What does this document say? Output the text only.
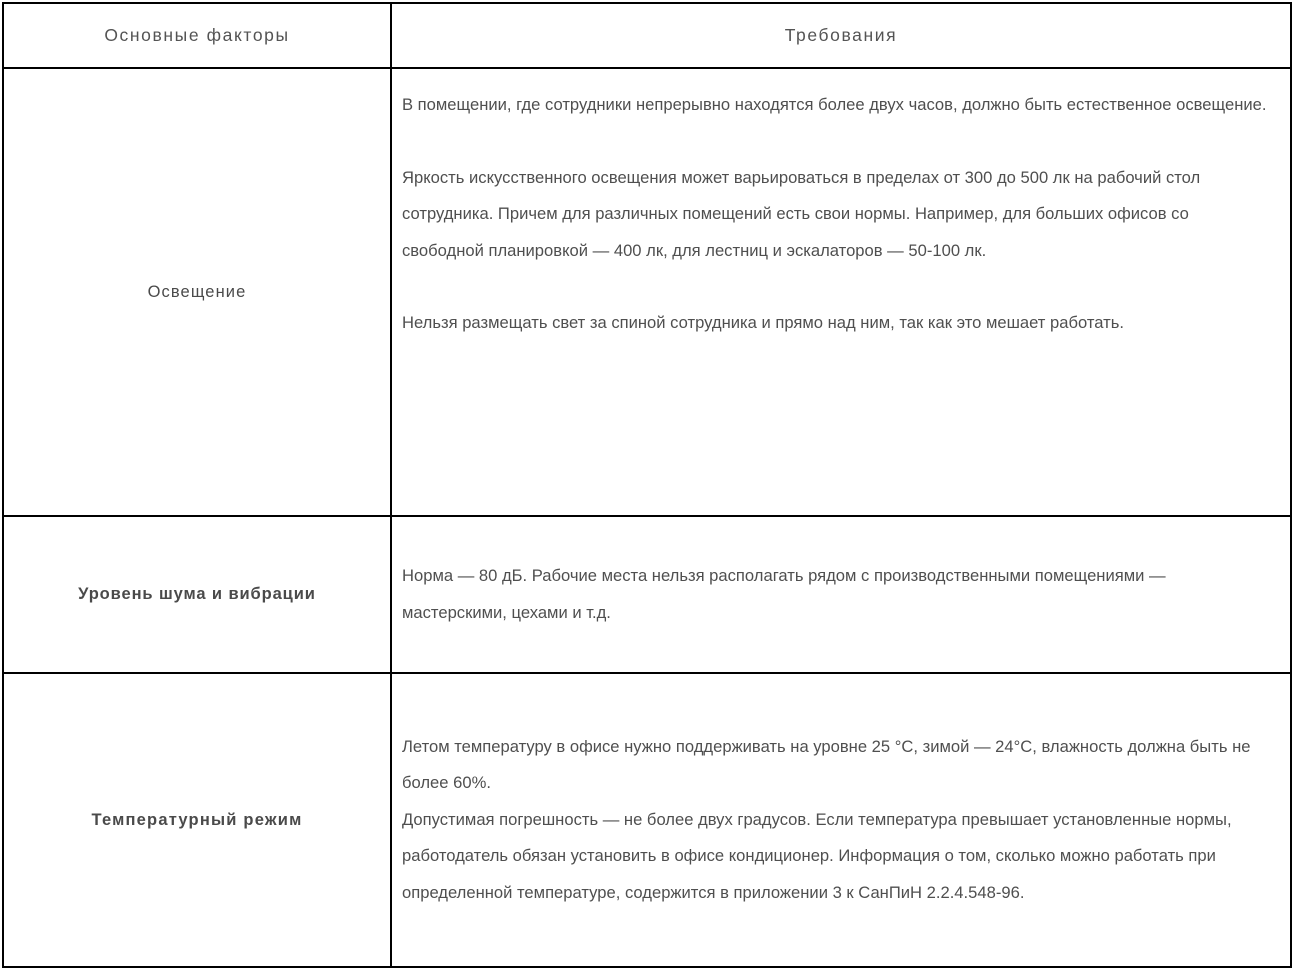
Основные факторы	Требования
Освещение	В помещении, где сотрудники непрерывно находятся более двух часов, должно быть естественное освещение.

Яркость искусственного освещения может варьироваться в пределах от 300 до 500 лк на рабочий стол сотрудника. Причем для различных помещений есть свои нормы. Например, для больших офисов со свободной планировкой — 400 лк, для лестниц и эскалаторов — 50-100 лк.

Нельзя размещать свет за спиной сотрудника и прямо над ним, так как это мешает работать.

Уровень шума и вибрации	Норма — 80 дБ. Рабочие места нельзя располагать рядом с производственными помещениями — мастерскими, цехами и т.д.

Температурный режим	Летом температуру в офисе нужно поддерживать на уровне 25 °C, зимой — 24°C, влажность должна быть не более 60%.

Допустимая погрешность — не более двух градусов. Если температура превышает установленные нормы, работодатель обязан установить в офисе кондиционер. Информация о том, сколько можно работать при определенной температуре, содержится в приложении 3 к СанПиН 2.2.4.548-96.
